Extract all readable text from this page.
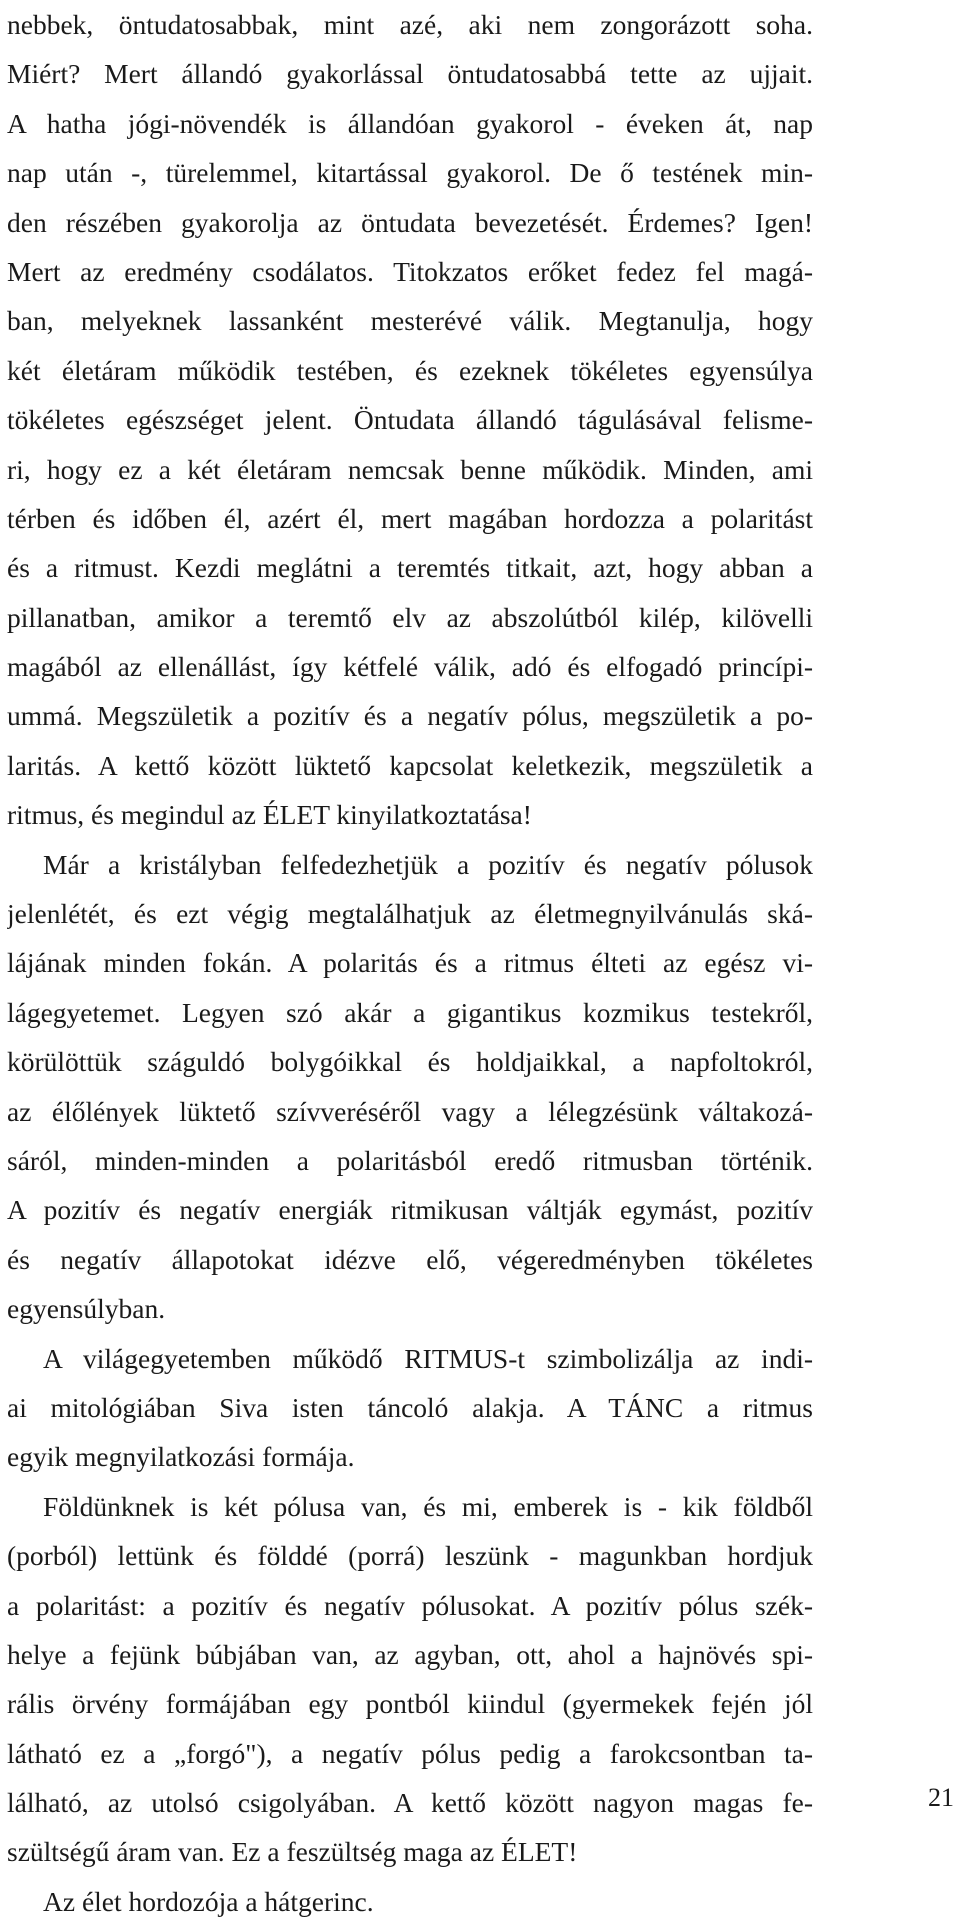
nebbek, öntudatosabbak, mint azé, aki nem zongorázott soha.
Miért? Mert állandó gyakorlással öntudatosabbá tette az ujjait.
A hatha jógi-növendék is állandóan gyakorol - éveken át, nap
nap után -, türelemmel, kitartással gyakorol. De ő testének min-
den részében gyakorolja az öntudata bevezetését. Érdemes? Igen!
Mert az eredmény csodálatos. Titokzatos erőket fedez fel magá-
ban, melyeknek lassanként mesterévé válik. Megtanulja, hogy
két életáram működik testében, és ezeknek tökéletes egyensúlya
tökéletes egészséget jelent. Öntudata állandó tágulásával felisme-
ri, hogy ez a két életáram nemcsak benne működik. Minden, ami
térben és időben él, azért él, mert magában hordozza a polaritást
és a ritmust. Kezdi meglátni a teremtés titkait, azt, hogy abban a
pillanatban, amikor a teremtő elv az abszolútból kilép, kilövelli
magából az ellenállást, így kétfelé válik, adó és elfogadó princípi-
ummá. Megszületik a pozitív és a negatív pólus, megszületik a po-
laritás. A kettő között lüktető kapcsolat keletkezik, megszületik a
ritmus, és megindul az ÉLET kinyilatkoztatása!
Már a kristályban felfedezhetjük a pozitív és negatív pólusok
jelenlétét, és ezt végig megtalálhatjuk az életmegnyilvánulás ská-
lájának minden fokán. A polaritás és a ritmus élteti az egész vi-
lágegyetemet. Legyen szó akár a gigantikus kozmikus testekről,
körülöttük száguldó bolygóikkal és holdjaikkal, a napfoltokról,
az élőlények lüktető szívveréséről vagy a lélegzésünk váltakozá-
sáról, minden-minden a polaritásból eredő ritmusban történik.
A pozitív és negatív energiák ritmikusan váltják egymást, pozitív
és negatív állapotokat idézve elő, végeredményben tökéletes
egyensúlyban.
A világegyetemben működő RITMUS-t szimbolizálja az indi-
ai mitológiában Siva isten táncoló alakja. A TÁNC a ritmus
egyik megnyilatkozási formája.
Földünknek is két pólusa van, és mi, emberek is - kik földből
(porból) lettünk és földdé (porrá) leszünk - magunkban hordjuk
a polaritást: a pozitív és negatív pólusokat. A pozitív pólus szék-
helye a fejünk búbjában van, az agyban, ott, ahol a hajnövés spi-
rális örvény formájában egy pontból kiindul (gyermekek fején jól
látható ez a „forgó"), a negatív pólus pedig a farokcsontban ta-
lálható, az utolsó csigolyában. A kettő között nagyon magas fe-
szültségű áram van. Ez a feszültség maga az ÉLET!
Az élet hordozója a hátgerinc.
21
